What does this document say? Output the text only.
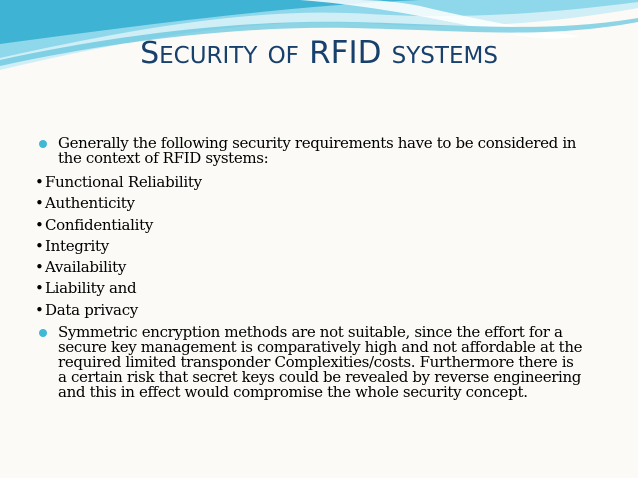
SECURITY OF RFID SYSTEMS

Generally the following security requirements have to be considered in
the context of RFID systems:

•Functional Reliability
•Authenticity
•Confidentiality
•Integrity
•Availability
•Liability and
•Data privacy

Symmetric encryption methods are not suitable, since the effort for a
secure key management is comparatively high and not affordable at the
required limited transponder Complexities/costs. Furthermore there is
a certain risk that secret keys could be revealed by reverse engineering
and this in effect would compromise the whole security concept.
